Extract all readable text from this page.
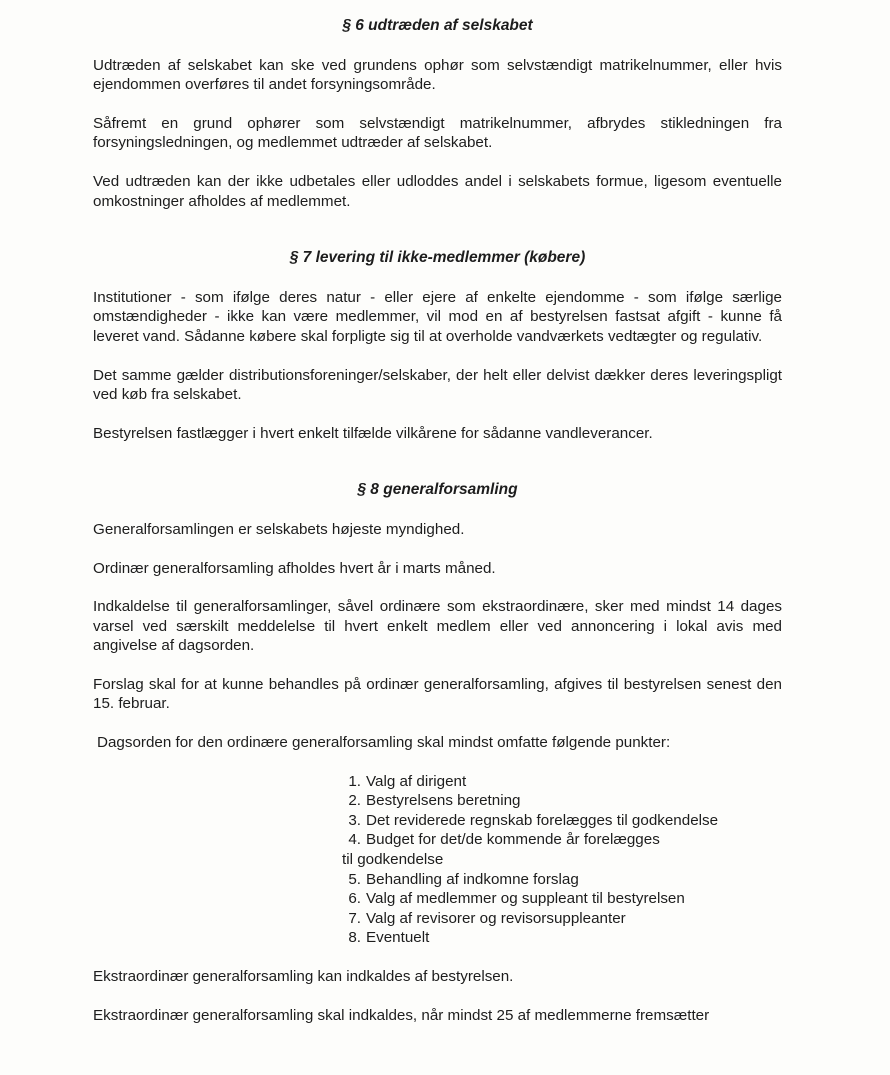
§ 6 udtræden af selskabet

Udtræden af selskabet kan ske ved grundens ophør som selvstændigt matrikelnummer, eller hvis ejendommen overføres til andet forsyningsområde.

Såfremt en grund ophører som selvstændigt matrikelnummer, afbrydes stikledningen fra forsyningsledningen, og medlemmet udtræder af selskabet.

Ved udtræden kan der ikke udbetales eller udloddes andel i selskabets formue, ligesom eventuelle omkostninger afholdes af medlemmet.

§ 7 levering til ikke-medlemmer (købere)

Institutioner - som ifølge deres natur - eller ejere af enkelte ejendomme - som ifølge særlige omstændigheder - ikke kan være medlemmer, vil mod en af bestyrelsen fastsat afgift - kunne få leveret vand. Sådanne købere skal forpligte sig til at overholde vandværkets vedtægter og regulativ.

Det samme gælder distributionsforeninger/selskaber, der helt eller delvist dækker deres leveringspligt ved køb fra selskabet.

Bestyrelsen fastlægger i hvert enkelt tilfælde vilkårene for sådanne vandleverancer.

§ 8 generalforsamling

Generalforsamlingen er selskabets højeste myndighed.

Ordinær generalforsamling afholdes hvert år i marts måned.

Indkaldelse til generalforsamlinger, såvel ordinære som ekstraordinære, sker med mindst 14 dages varsel ved særskilt meddelelse til hvert enkelt medlem eller ved annoncering i lokal avis med angivelse af dagsorden.

Forslag skal for at kunne behandles på ordinær generalforsamling, afgives til bestyrelsen senest den 15. februar.

Dagsorden for den ordinære generalforsamling skal mindst omfatte følgende punkter:

1. Valg af dirigent
2. Bestyrelsens beretning
3. Det reviderede regnskab forelægges til godkendelse
4. Budget for det/de kommende år forelægges
til godkendelse
5. Behandling af indkomne forslag
6. Valg af medlemmer og suppleant til bestyrelsen
7. Valg af revisorer og revisorsuppleanter
8. Eventuelt

Ekstraordinær generalforsamling kan indkaldes af bestyrelsen.

Ekstraordinær generalforsamling skal indkaldes, når mindst 25 af medlemmerne fremsætter
